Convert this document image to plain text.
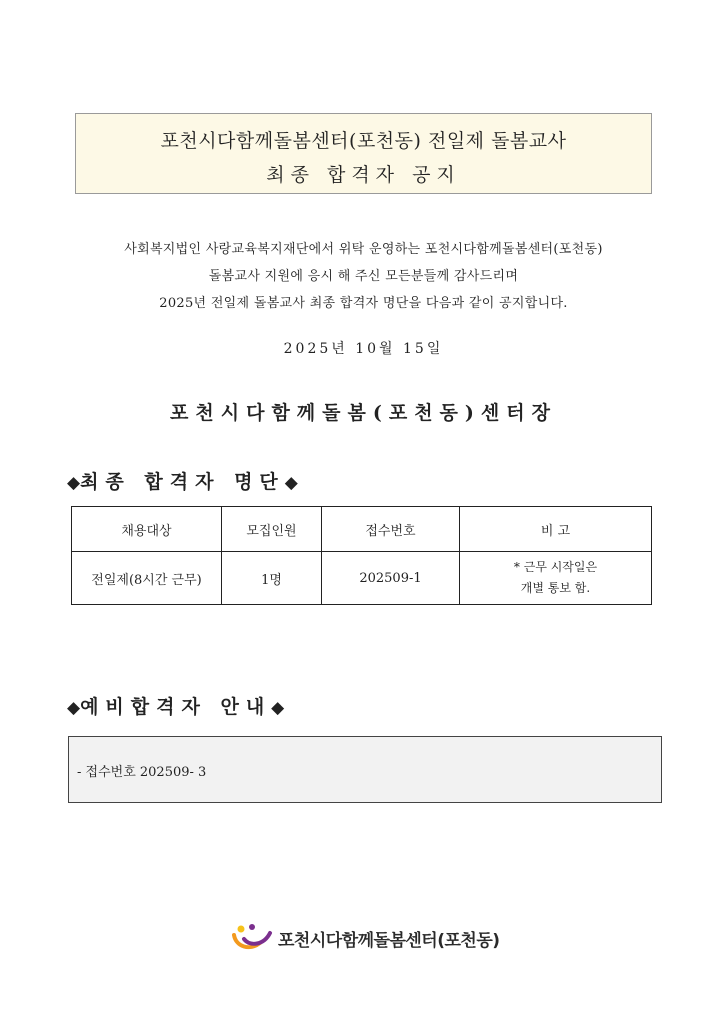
포천시다함께돌봄센터(포천동) 전일제 돌봄교사
최종 합격자 공지
사회복지법인 사랑교육복지재단에서 위탁 운영하는 포천시다함께돌봄센터(포천동)
돌봄교사 지원에 응시 해 주신 모든분들께 감사드리며
2025년 전일제 돌봄교사 최종 합격자 명단을 다음과 같이 공지합니다.
2025년 10월 15일
포천시다함께돌봄(포천동)센터장
◆최종 합격자 명단◆
채용대상	모집인원	접수번호	비 고
전일제(8시간 근무)	1명	202509-1	* 근무 시작일은
개별 통보 함.
◆예비합격자 안내◆
- 접수번호 202509- 3
포천시다함께돌봄센터(포천동)
